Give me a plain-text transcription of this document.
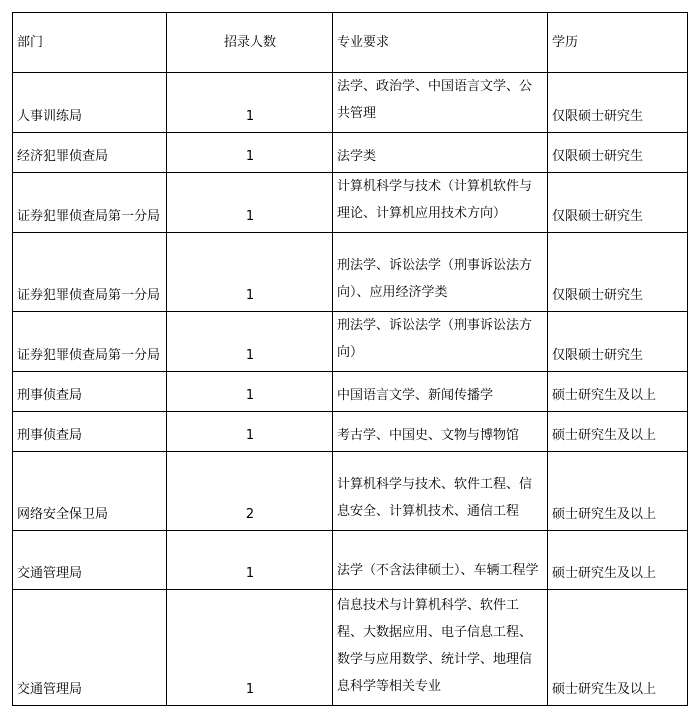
部门	招录人数	专业要求	学历
人事训练局	1	法学、政治学、中国语言文学、公共管理	仅限硕士研究生
经济犯罪侦查局	1	法学类	仅限硕士研究生
证券犯罪侦查局第一分局	1	计算机科学与技术（计算机软件与理论、计算机应用技术方向）	仅限硕士研究生
证券犯罪侦查局第一分局	1	刑法学、诉讼法学（刑事诉讼法方向）、应用经济学类	仅限硕士研究生
证券犯罪侦查局第一分局	1	刑法学、诉讼法学（刑事诉讼法方向）	仅限硕士研究生
刑事侦查局	1	中国语言文学、新闻传播学	硕士研究生及以上
刑事侦查局	1	考古学、中国史、文物与博物馆	硕士研究生及以上
网络安全保卫局	2	计算机科学与技术、软件工程、信息安全、计算机技术、通信工程	硕士研究生及以上
交通管理局	1	法学（不含法律硕士）、车辆工程学	硕士研究生及以上
交通管理局	1	信息技术与计算机科学、软件工程、大数据应用、电子信息工程、数学与应用数学、统计学、地理信息科学等相关专业	硕士研究生及以上
